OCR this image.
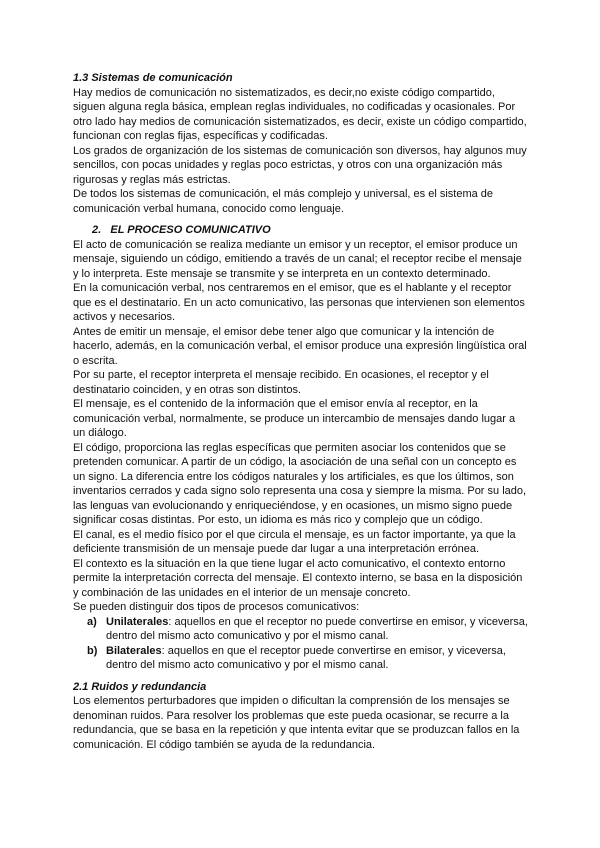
1.3 Sistemas de comunicación

Hay medios de comunicación no sistematizados, es decir,no existe código compartido, siguen alguna regla básica, emplean reglas individuales, no codificadas y ocasionales. Por otro lado hay medios de comunicación sistematizados, es decir, existe un código compartido, funcionan con reglas fijas, específicas y codificadas.

Los grados de organización de los sistemas de comunicación son diversos, hay algunos muy sencillos, con pocas unidades y reglas poco estrictas, y otros con una organización más rigurosas y reglas más estrictas.

De todos los sistemas de comunicación, el más complejo y universal, es el sistema de comunicación verbal humana, conocido como lenguaje.

2. EL PROCESO COMUNICATIVO

El acto de comunicación se realiza mediante un emisor y un receptor, el emisor produce un mensaje, siguiendo un código, emitiendo a través de un canal; el receptor recibe el mensaje y lo interpreta. Este mensaje se transmite y se interpreta en un contexto determinado.

En la comunicación verbal, nos centraremos en el emisor, que es el hablante y el receptor que es el destinatario. En un acto comunicativo, las personas que intervienen son elementos activos y necesarios.

Antes de emitir un mensaje, el emisor debe tener algo que comunicar y la intención de hacerlo, además, en la comunicación verbal, el emisor produce una expresión lingüística oral o escrita.

Por su parte, el receptor interpreta el mensaje recibido. En ocasiones, el receptor y el destinatario coinciden, y en otras son distintos.

El mensaje, es el contenido de la información que el emisor envía al receptor, en la comunicación verbal, normalmente, se produce un intercambio de mensajes dando lugar a un diálogo.

El código, proporciona las reglas específicas que permiten asociar los contenidos que se pretenden comunicar. A partir de un código, la asociación de una señal con un concepto es un signo. La diferencia entre los códigos naturales y los artificiales, es que los últimos, son inventarios cerrados y cada signo solo representa una cosa y siempre la misma. Por su lado, las lenguas van evolucionando y enriqueciéndose, y en ocasiones, un mismo signo puede significar cosas distintas. Por esto, un idioma es más rico y complejo que un código.

El canal, es el medio físico por el que circula el mensaje, es un factor importante, ya que la deficiente transmisión de un mensaje puede dar lugar a una interpretación errónea.

El contexto es la situación en la que tiene lugar el acto comunicativo, el contexto entorno permite la interpretación correcta del mensaje. El contexto interno, se basa en la disposición y combinación de las unidades en el interior de un mensaje concreto.

Se pueden distinguir dos tipos de procesos comunicativos:

a) Unilaterales: aquellos en que el receptor no puede convertirse en emisor, y viceversa, dentro del mismo acto comunicativo y por el mismo canal.
b) Bilaterales: aquellos en que el receptor puede convertirse en emisor, y viceversa, dentro del mismo acto comunicativo y por el mismo canal.

2.1 Ruidos y redundancia

Los elementos perturbadores que impiden o dificultan la comprensión de los mensajes se denominan ruidos. Para resolver los problemas que este pueda ocasionar, se recurre a la redundancia, que se basa en la repetición y que intenta evitar que se produzcan fallos en la comunicación. El código también se ayuda de la redundancia.
